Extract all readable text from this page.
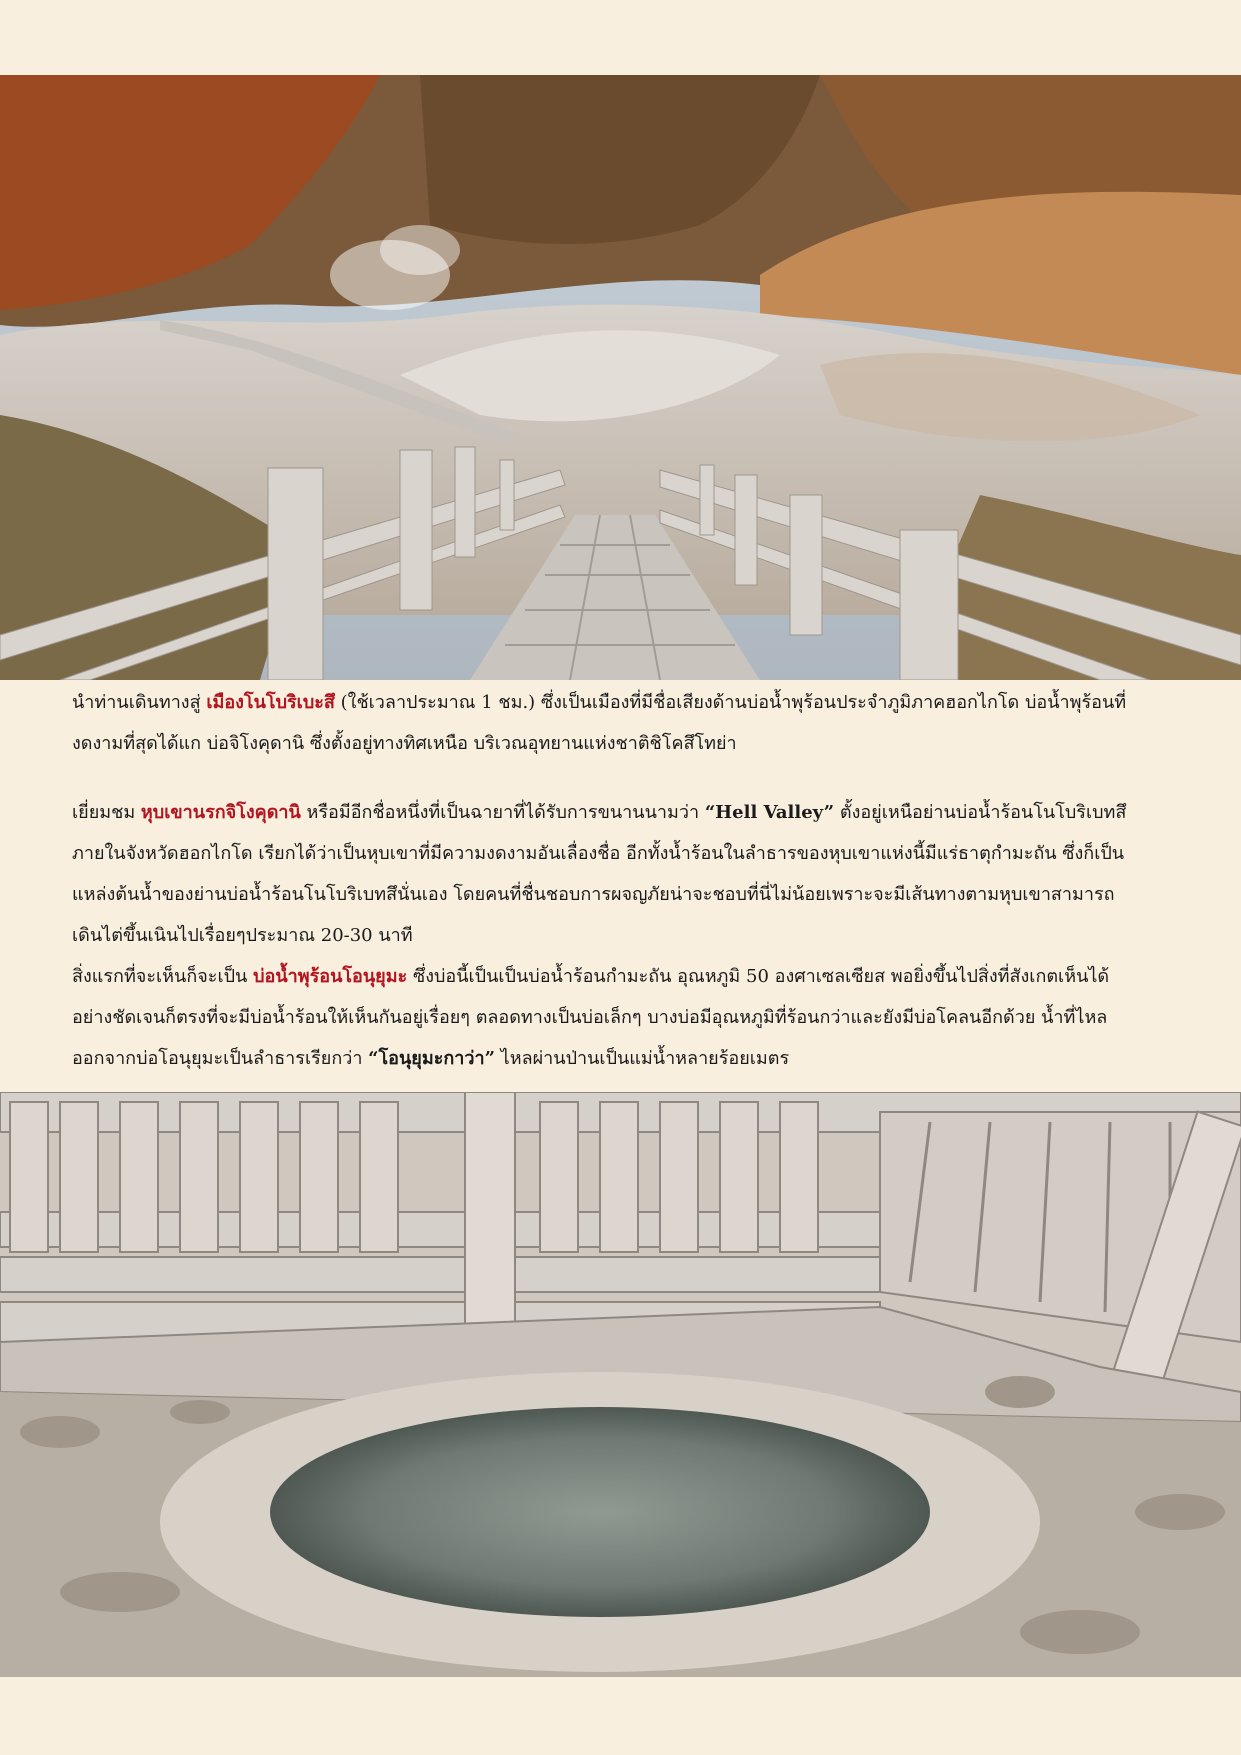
นำท่านเดินทางสู่ เมืองโนโบริเบะสึ (ใช้เวลาประมาณ 1 ชม.) ซึ่งเป็นเมืองที่มีชื่อเสียงด้านบ่อน้ำพุร้อนประจำภูมิภาคฮอกไกโด บ่อน้ำพุร้อนที่

งดงามที่สุดได้แก บ่อจิโงคุดานิ ซึ่งตั้งอยู่ทางทิศเหนือ บริเวณอุทยานแห่งชาติชิโคสึโทย่า

เยี่ยมชม หุบเขานรกจิโงคุดานิ หรือมีอีกชื่อหนึ่งที่เป็นฉายาที่ได้รับการขนานนามว่า “Hell Valley” ตั้งอยู่เหนือย่านบ่อน้ำร้อนโนโบริเบทสึ

ภายในจังหวัดฮอกไกโด เรียกได้ว่าเป็นหุบเขาที่มีความงดงามอันเลื่องชื่อ อีกทั้งน้ำร้อนในลำธารของหุบเขาแห่งนี้มีแร่ธาตุกำมะถัน ซึ่งก็เป็น

แหล่งต้นน้ำของย่านบ่อน้ำร้อนโนโบริเบทสึนั่นเอง โดยคนที่ชื่นชอบการผจญภัยน่าจะชอบที่นี่ไม่น้อยเพราะจะมีเส้นทางตามหุบเขาสามารถ

เดินไต่ขึ้นเนินไปเรื่อยๆประมาณ 20-30 นาที

สิ่งแรกที่จะเห็นก็จะเป็น บ่อน้ำพุร้อนโอนุยุมะ ซึ่งบ่อนี้เป็นเป็นบ่อน้ำร้อนกำมะถัน อุณหภูมิ 50 องศาเซลเซียส พอยิ่งขึ้นไปสิ่งที่สังเกตเห็นได้

อย่างชัดเจนก็ตรงที่จะมีบ่อน้ำร้อนให้เห็นกันอยู่เรื่อยๆ ตลอดทางเป็นบ่อเล็กๆ บางบ่อมีอุณหภูมิที่ร้อนกว่าและยังมีบ่อโคลนอีกด้วย น้ำที่ไหล

ออกจากบ่อโอนุยุมะเป็นลำธารเรียกว่า “โอนุยุมะกาว่า” ไหลผ่านป่านเป็นแม่น้ำหลายร้อยเมตร
